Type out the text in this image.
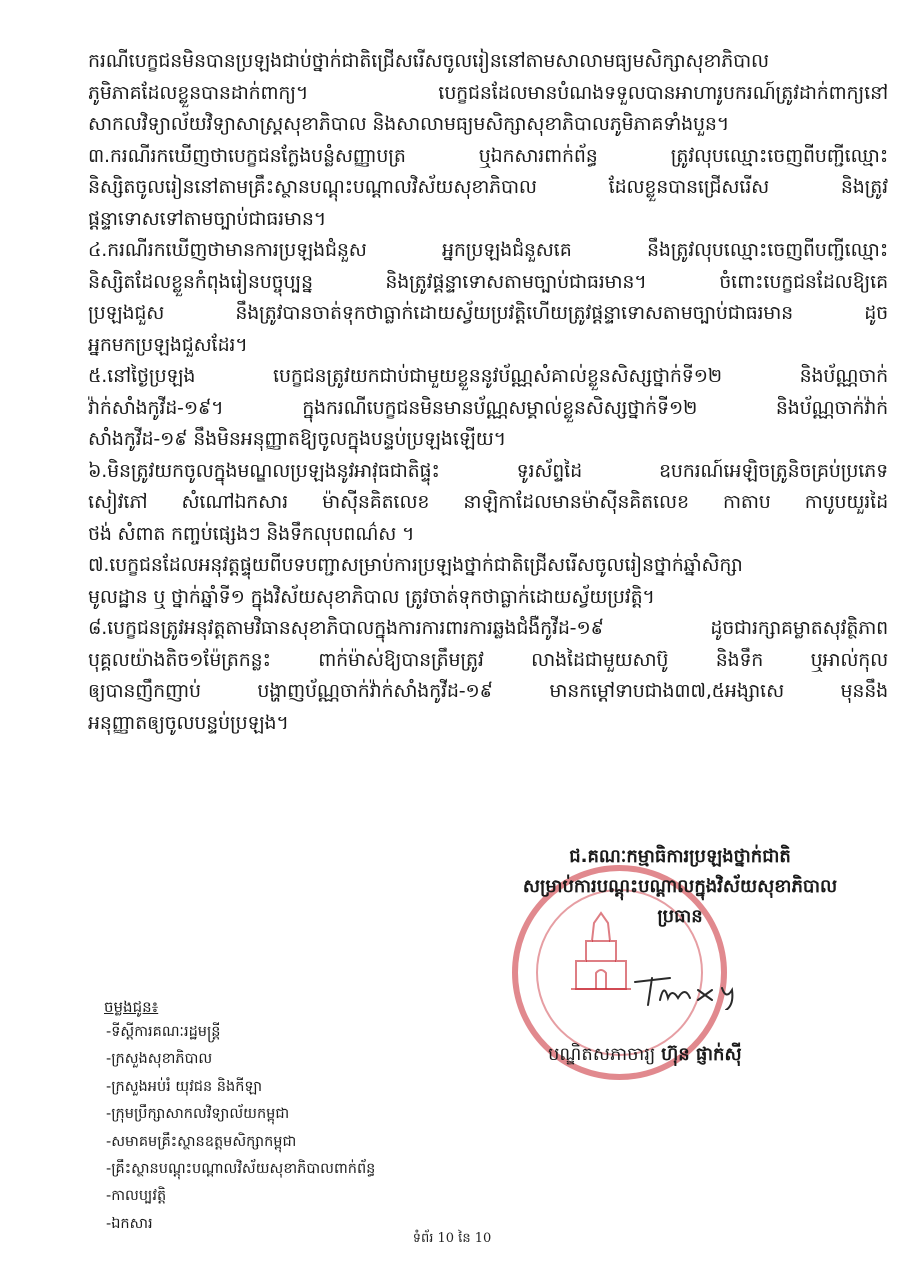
ករណីបេក្ខជនមិនបានប្រឡងជាប់ថ្នាក់ជាតិជ្រើសរើសចូលរៀននៅតាមសាលាមធ្យមសិក្សាសុខាភិបាល
ភូមិភាគដែលខ្លួនបានដាក់ពាក្យ។ បេក្ខជនដែលមានបំណងទទួលបានអាហារូបករណ៍ត្រូវដាក់ពាក្យនៅ
សាកលវិទ្យាល័យវិទ្យាសាស្ត្រសុខាភិបាល និងសាលាមធ្យមសិក្សាសុខាភិបាលភូមិភាគទាំងបួន។
៣.ករណីរកឃើញថាបេក្ខជនក្លែងបន្លំសញ្ញាបត្រ ឬឯកសារពាក់ព័ន្ធ ត្រូវលុបឈ្មោះចេញពីបញ្ជីឈ្មោះ
និស្សិតចូលរៀននៅតាមគ្រឹះស្ថានបណ្តុះបណ្តាលវិស័យសុខាភិបាល ដែលខ្លួនបានជ្រើសរើស និងត្រូវ
ផ្តន្ទាទោសទៅតាមច្បាប់ជាធរមាន។
៤.ករណីរកឃើញថាមានការប្រឡងជំនួស អ្នកប្រឡងជំនួសគេ នឹងត្រូវលុបឈ្មោះចេញពីបញ្ជីឈ្មោះ
និស្សិតដែលខ្លួនកំពុងរៀនបច្ចុប្បន្ន និងត្រូវផ្តន្ទាទោសតាមច្បាប់ជាធរមាន។ ចំពោះបេក្ខជនដែលឱ្យគេ
ប្រឡងជួស នឹងត្រូវបានចាត់ទុកថាធ្លាក់ដោយស្វ័យប្រវត្តិហើយត្រូវផ្តន្ទាទោសតាមច្បាប់ជាធរមាន ដូច
អ្នកមកប្រឡងជួសដែរ។
៥.នៅថ្ងៃប្រឡង បេក្ខជនត្រូវយកជាប់ជាមួយខ្លួននូវប័ណ្ណសំគាល់ខ្លួនសិស្សថ្នាក់ទី១២ និងប័ណ្ណចាក់
វ៉ាក់សាំងកូវីដ-១៩។ ក្នុងករណីបេក្ខជនមិនមានប័ណ្ណសម្គាល់ខ្លួនសិស្សថ្នាក់ទី១២ និងប័ណ្ណចាក់វ៉ាក់
សាំងកូវីដ-១៩ នឹងមិនអនុញ្ញាតឱ្យចូលក្នុងបន្ទប់ប្រឡងឡើយ។
៦.មិនត្រូវយកចូលក្នុងមណ្ឌលប្រឡងនូវអាវុធជាតិផ្ទុះ ទូរស័ព្ទដៃ ឧបករណ៍អេឡិចត្រូនិចគ្រប់ប្រភេទ
សៀវភៅ សំណៅឯកសារ ម៉ាស៊ីនគិតលេខ នាឡិកាដែលមានម៉ាស៊ីនគិតលេខ កាតាប កាបូបយួរដៃ
ថង់ សំពាត កញ្ចប់ផ្សេងៗ និងទឹកលុបពណ៌ស ។
៧.បេក្ខជនដែលអនុវត្តផ្ទុយពីបទបញ្ជាសម្រាប់ការប្រឡងថ្នាក់ជាតិជ្រើសរើសចូលរៀនថ្នាក់ឆ្នាំសិក្សា
មូលដ្ឋាន ឬ ថ្នាក់ឆ្នាំទី១ ក្នុងវិស័យសុខាភិបាល ត្រូវចាត់ទុកថាធ្លាក់ដោយស្វ័យប្រវត្តិ។
៨.បេក្ខជនត្រូវអនុវត្តតាមវិធានសុខាភិបាលក្នុងការការពារការឆ្លងជំងឺកូវីដ-១៩ ដូចជារក្សាគម្លាតសុវត្ថិភាព
បុគ្គលយ៉ាងតិច១ម៉ែត្រកន្លះ ពាក់ម៉ាស់ឱ្យបានត្រឹមត្រូវ លាងដៃជាមួយសាប៊ូ និងទឹក ឬអាល់កុល
ឲ្យបានញឹកញាប់ បង្ហាញប័ណ្ណចាក់វ៉ាក់សាំងកូវីដ-១៩ មានកម្ដៅទាបជាង៣៧,៥អង្សាសេ មុននឹង
អនុញ្ញាតឲ្យចូលបន្ទប់ប្រឡង។
ជ.គណៈកម្មាធិការប្រឡងថ្នាក់ជាតិ
សម្រាប់ការបណ្តុះបណ្តាលក្នុងវិស័យសុខាភិបាល
ប្រធាន
បណ្ឌិតសភាចារ្យ ហ៊ុន ផ្ញាក់ស៊ី
ចម្លងជូន៖
-ទីស្ដីការគណៈរដ្ឋមន្ត្រី
-ក្រសួងសុខាភិបាល
-ក្រសួងអប់រំ យុវជន និងកីឡា
-ក្រុមប្រឹក្សាសាកលវិទ្យាល័យកម្ពុជា
-សមាគមគ្រឹះស្ថានឧត្តមសិក្សាកម្ពុជា
-គ្រឹះស្ថានបណ្តុះបណ្តាលវិស័យសុខាភិបាលពាក់ព័ន្ធ
-កាលប្បវត្តិ
-ឯកសារ
ទំព័រ 10 នៃ 10
